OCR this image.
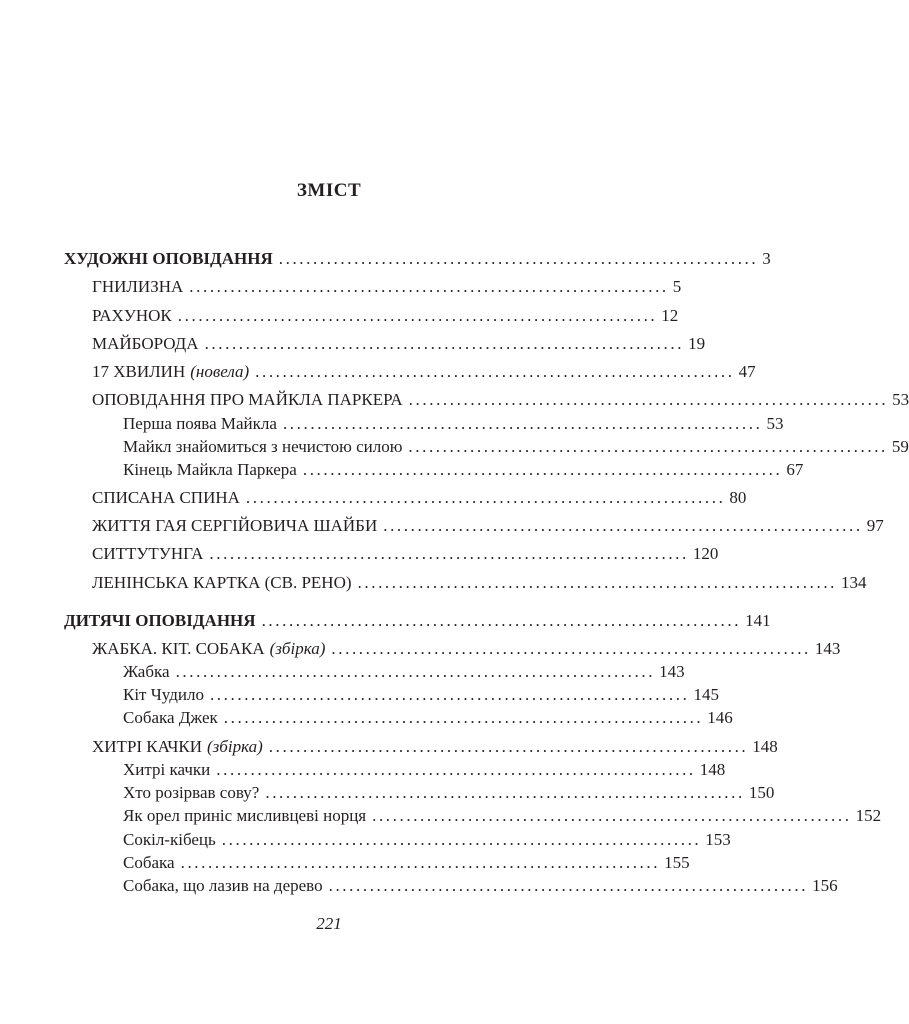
ЗМІСТ
ХУДОЖНІ ОПОВІДАННЯ ...................................................................... 3
ГНИЛИЗНА ...................................................................... 5
РАХУНОК ...................................................................... 12
МАЙБОРОДА ...................................................................... 19
17 ХВИЛИН (новела) ...................................................................... 47
ОПОВІДАННЯ ПРО МАЙКЛА ПАРКЕРА ...................................................................... 53
Перша поява Майкла ...................................................................... 53
Майкл знайомиться з нечистою силою ...................................................................... 59
Кінець Майкла Паркера ...................................................................... 67
СПИСАНА СПИНА ...................................................................... 80
ЖИТТЯ ГАЯ СЕРГІЙОВИЧА ШАЙБИ ...................................................................... 97
СИТТУТУНГА ...................................................................... 120
ЛЕНІНСЬКА КАРТКА (СВ. РЕНО) ...................................................................... 134
ДИТЯЧІ ОПОВІДАННЯ ...................................................................... 141
ЖАБКА. КІТ. СОБАКА (збірка) ...................................................................... 143
Жабка ...................................................................... 143
Кіт Чудило ...................................................................... 145
Собака Джек ...................................................................... 146
ХИТРІ КАЧКИ (збірка) ...................................................................... 148
Хитрі качки ...................................................................... 148
Хто розірвав сову? ...................................................................... 150
Як орел приніс мисливцеві норця ...................................................................... 152
Сокіл-кібець ...................................................................... 153
Собака ...................................................................... 155
Собака, що лазив на дерево ...................................................................... 156
221
